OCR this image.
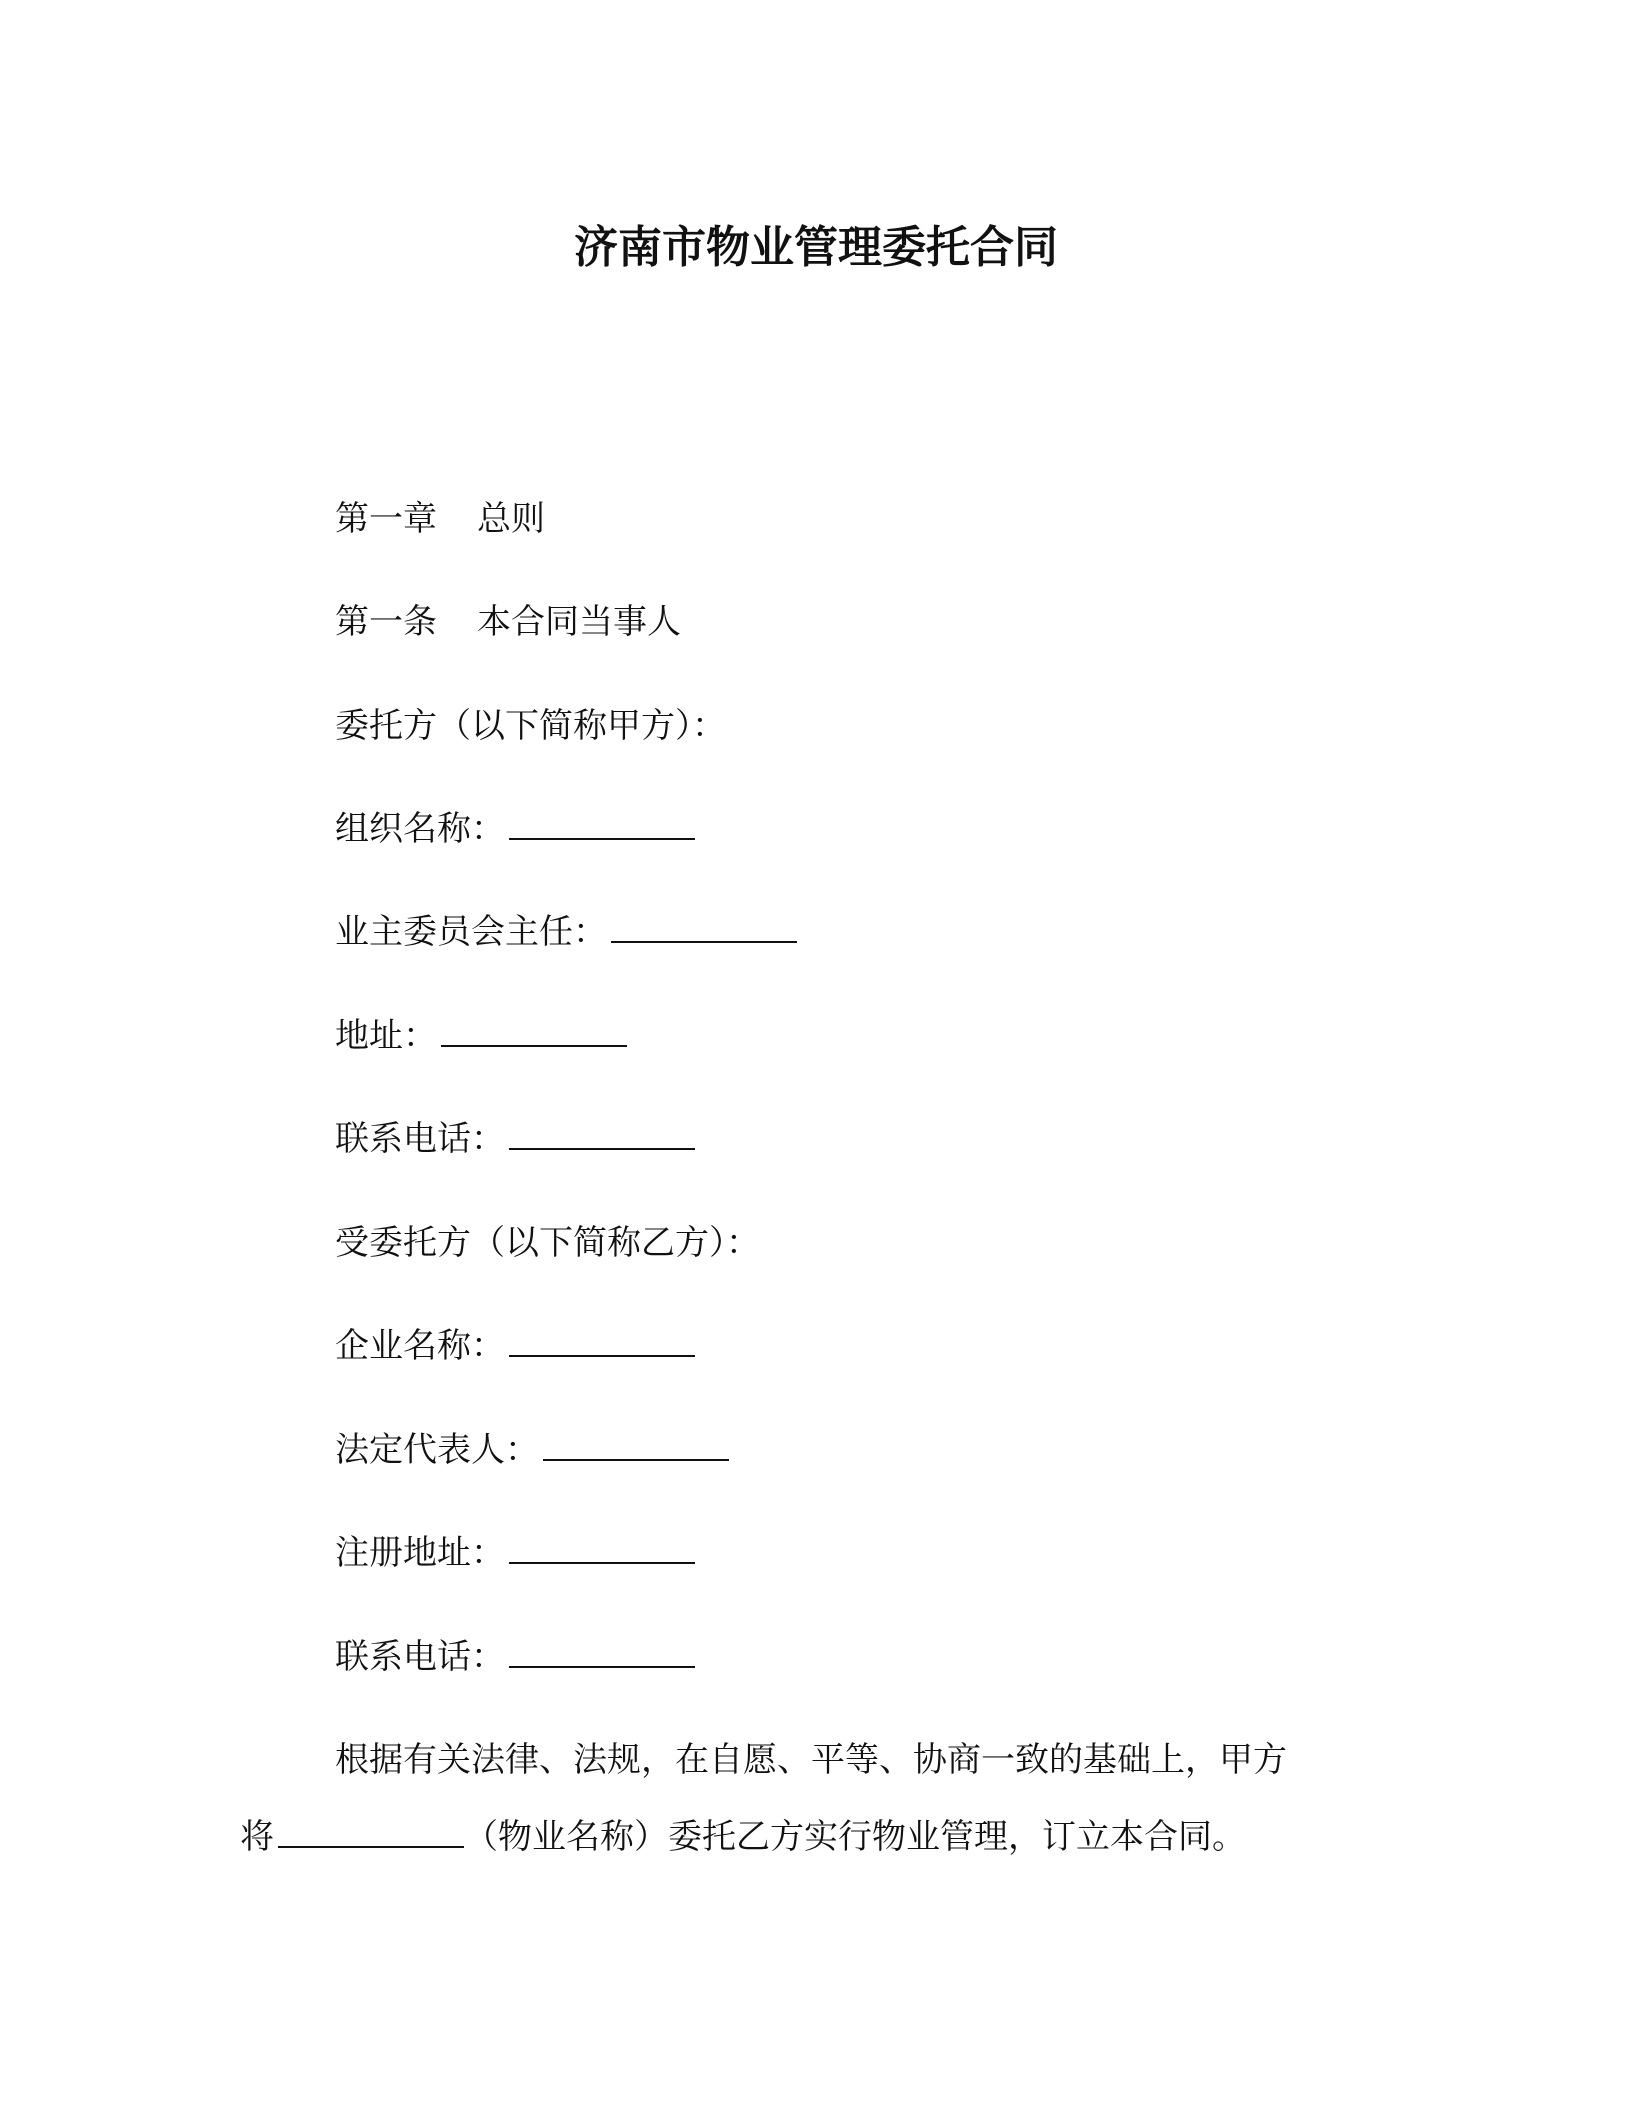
济南市物业管理委托合同
第一章 总则
第一条 本合同当事人
委托方（以下简称甲方）：
组织名称：
业主委员会主任：
地址：
联系电话：
受委托方（以下简称乙方）：
企业名称：
法定代表人：
注册地址：
联系电话：
根据有关法律、法规，在自愿、平等、协商一致的基础上，甲方
将	（物业名称）委托乙方实行物业管理，订立本合同。
